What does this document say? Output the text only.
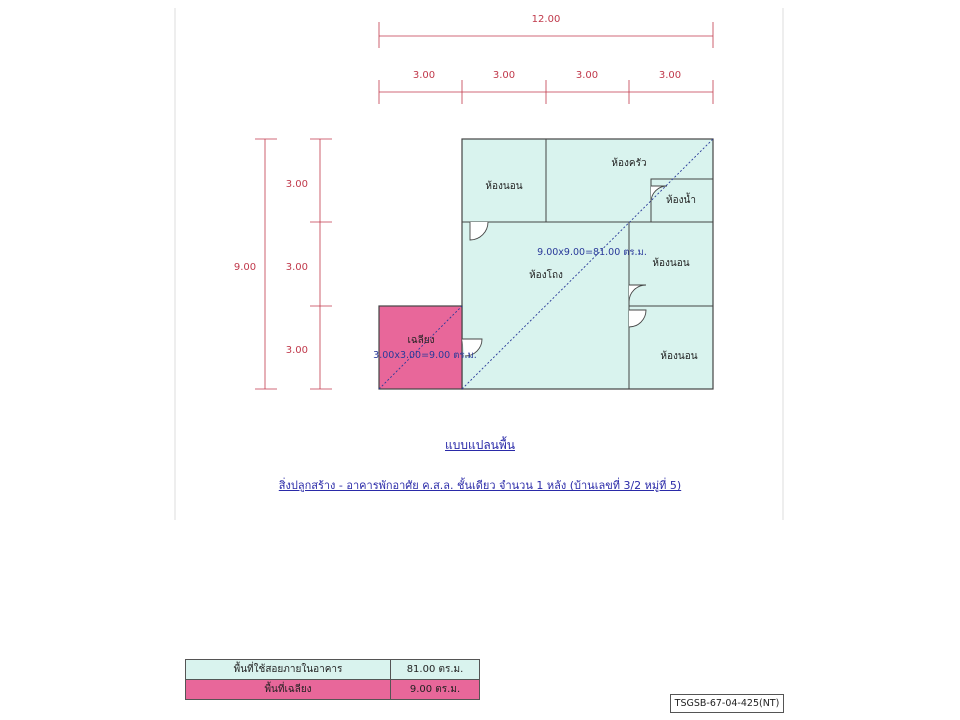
12.00
3.00	3.00	3.00	3.00
9.00
3.00
3.00
3.00
ห้องนอน
ห้องครัว
ห้องน้ำ
ห้องโถง
ห้องนอน
ห้องนอน
เฉลียง
9.00x9.00=81.00 ตร.ม.
3.00x3.00=9.00 ตร.ม.
แบบแปลนพื้น
สิ่งปลูกสร้าง - อาคารพักอาศัย ค.ส.ล. ชั้นเดียว จำนวน 1 หลัง (บ้านเลขที่ 3/2 หมู่ที่ 5)
พื้นที่ใช้สอยภายในอาคาร	81.00 ตร.ม.
พื้นที่เฉลียง	9.00 ตร.ม.
TSGSB-67-04-425(NT)
